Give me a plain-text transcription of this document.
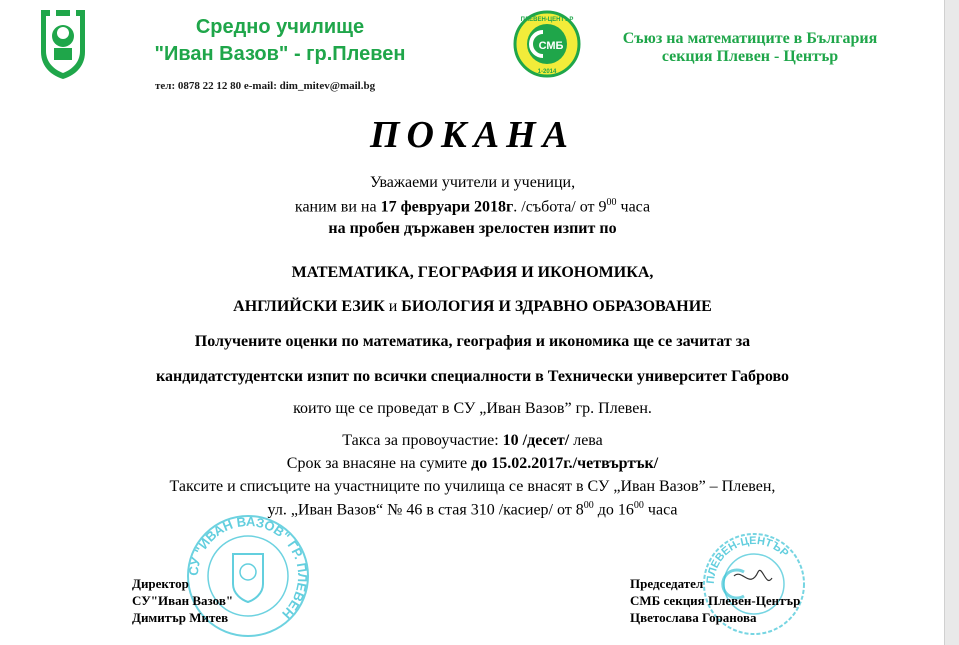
Средно училище
"Иван Вазов" - гр.Плевен
тел: 0878 22 12 80 e-mail: dim_mitev@mail.bg
СМБ
ПЛЕВЕН-ЦЕНТЪР
1-2014
Съюз на математиците в България
секция Плевен - Център
ПОКАНА
Уважаеми учители и ученици,
каним ви на 17 февруари 2018г. /събота/ от $9^{00}$ часа
на пробен държавен зрелостен изпит по
МАТЕМАТИКА, ГЕОГРАФИЯ И ИКОНОМИКА,
АНГЛИЙСКИ ЕЗИК и БИОЛОГИЯ И ЗДРАВНО ОБРАЗОВАНИЕ
Получените оценки по математика, география и икономика ще се зачитат за
кандидатстудентски изпит по всички специалности в Технически университет Габрово
които ще се проведат в СУ „Иван Вазов” гр. Плевен.
Такса за провоучастие: 10 /десет/ лева
Срок за внасяне на сумите до 15.02.2017г./четвъртък/
Таксите и списъците на участниците по училища се внасят в СУ „Иван Вазов” – Плевен,
ул. „Иван Вазов“ № 46 в стая 310 /касиер/ от $8^{00}$ до $16^{00}$ часа
СУ "ИВАН ВАЗОВ" ГР. ПЛЕВЕН
ПЛЕВЕН-ЦЕНТЪР
Директор
СУ"Иван Вазов"
Димитър Митев
Председател
СМБ секция Плевен-Център
Цветослава Горанова
